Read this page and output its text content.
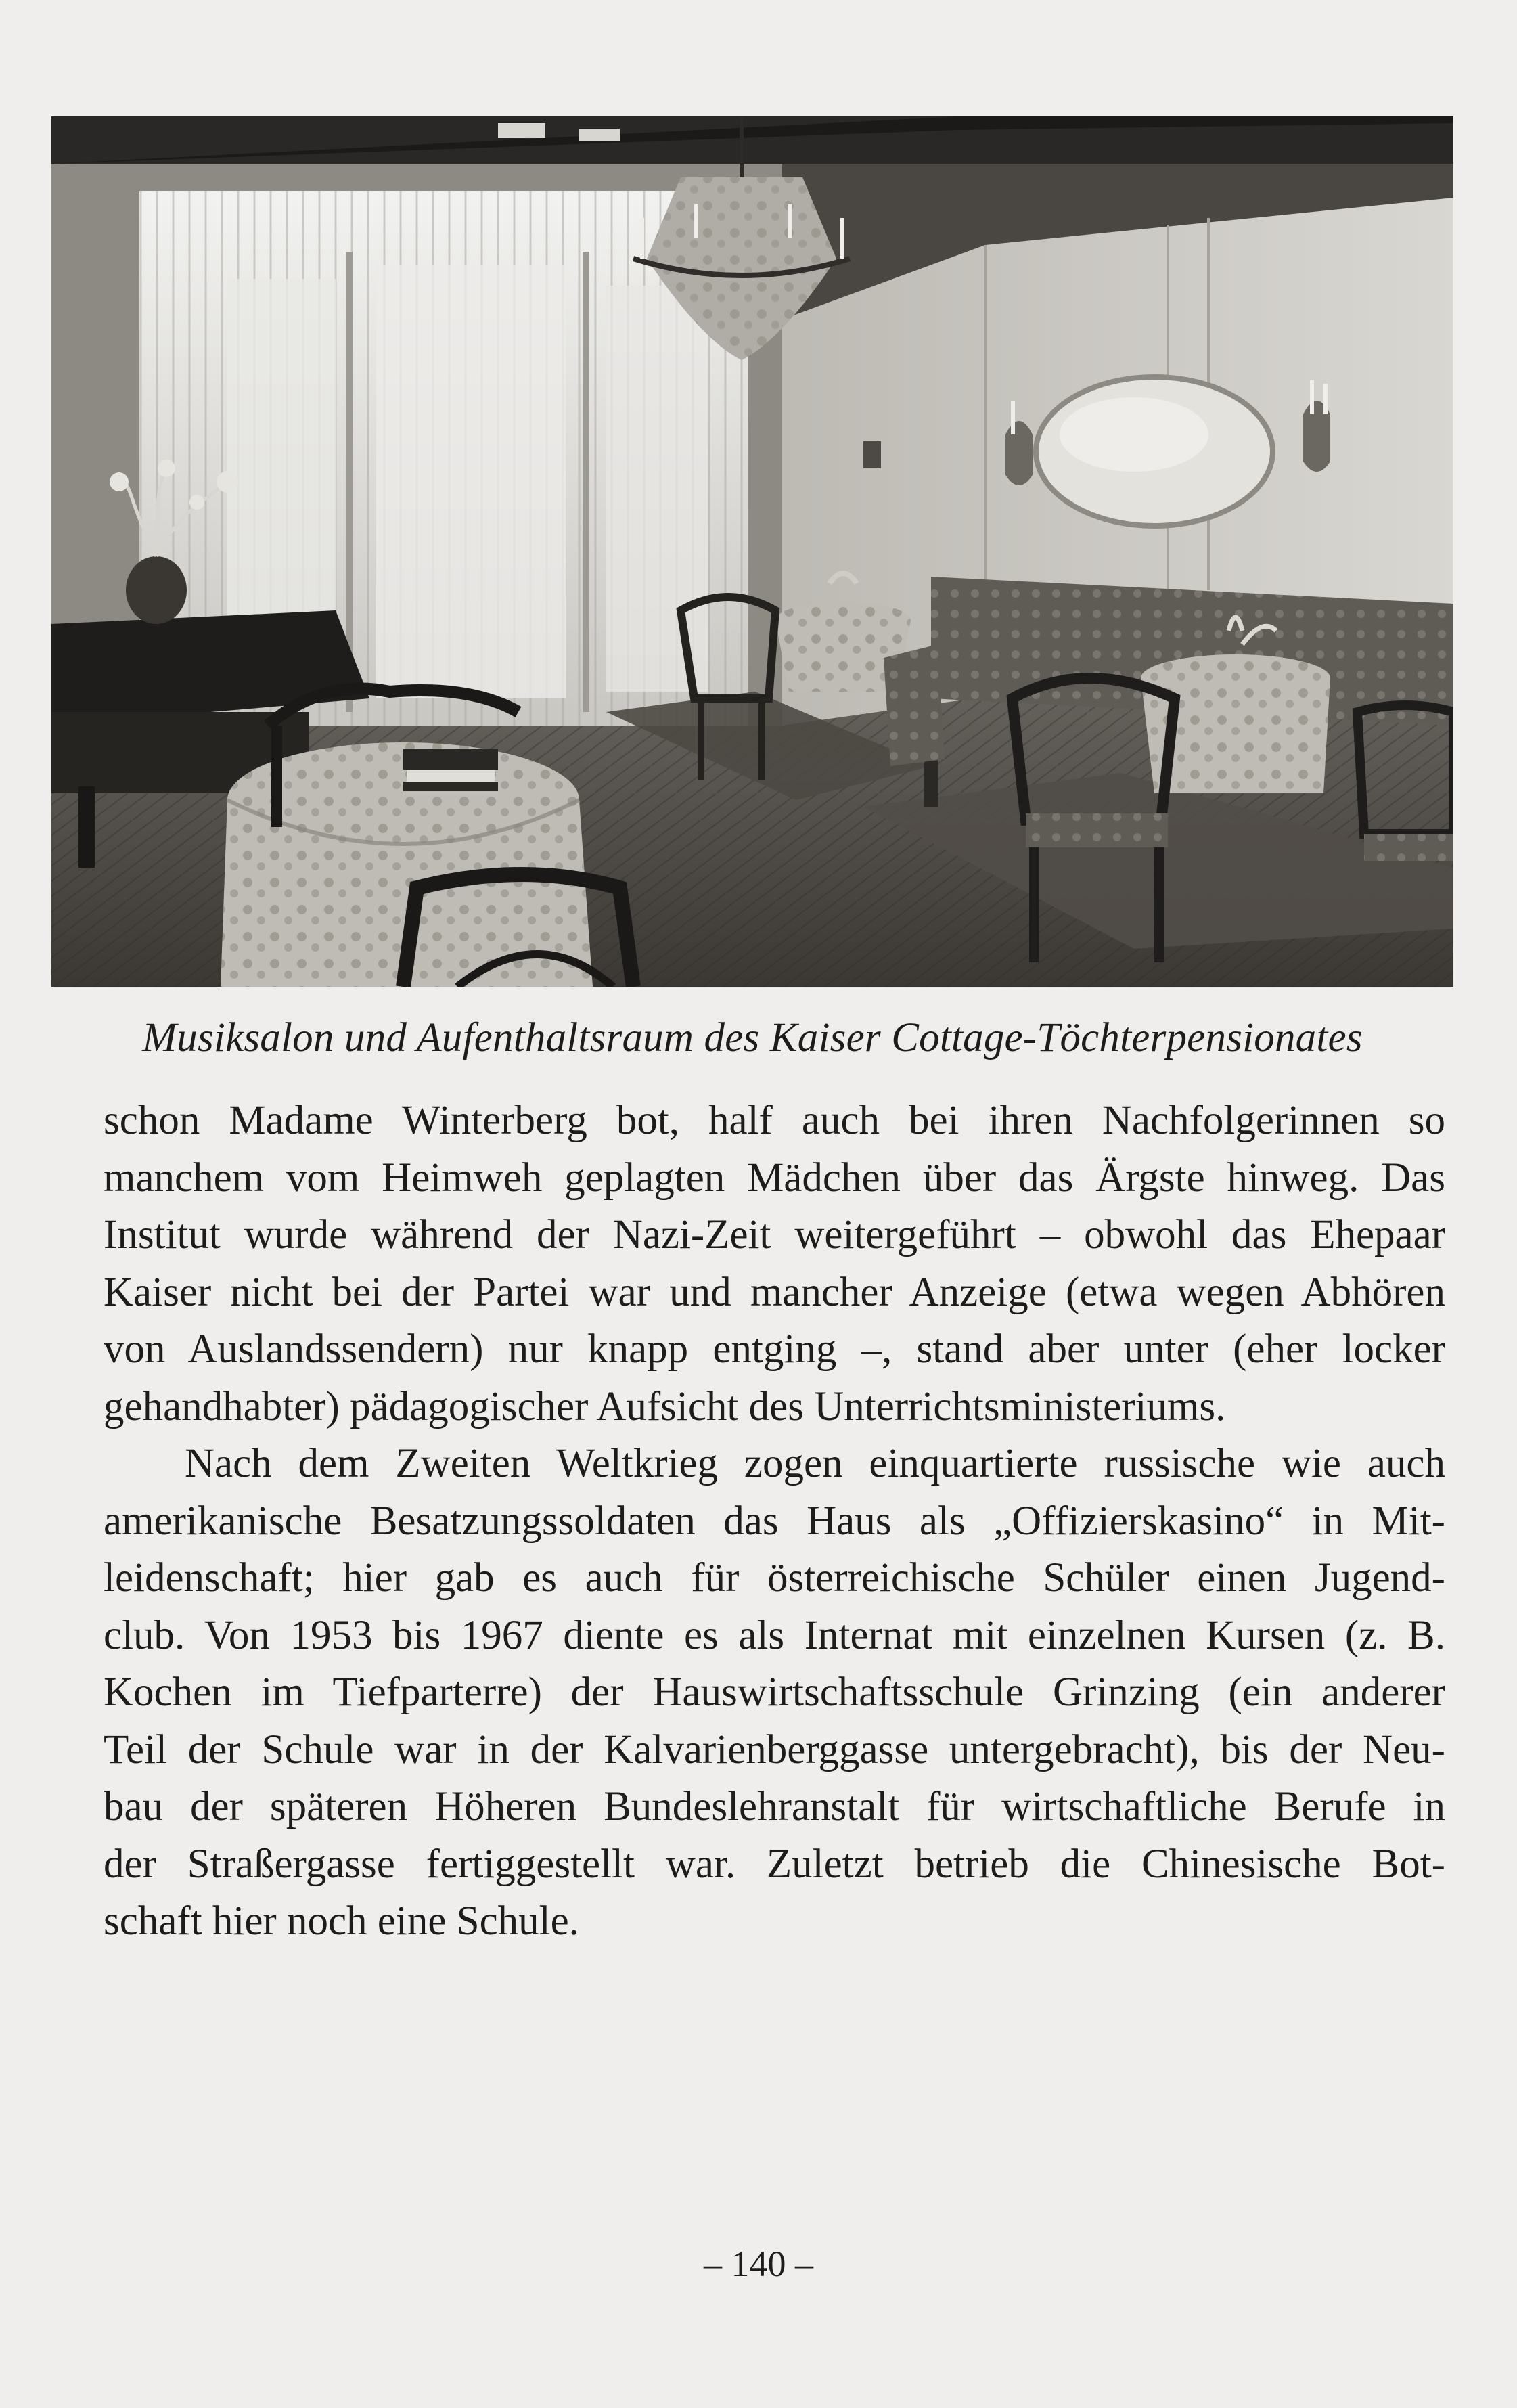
Musiksalon und Aufenthaltsraum des Kaiser Cottage-Töchterpensionates

schon Madame Winterberg bot, half auch bei ihren Nachfolgerinnen so
manchem vom Heimweh geplagten Mädchen über das Ärgste hinweg. Das
Institut wurde während der Nazi-Zeit weitergeführt – obwohl das Ehepaar
Kaiser nicht bei der Partei war und mancher Anzeige (etwa wegen Abhören
von Auslandssendern) nur knapp entging –, stand aber unter (eher locker
gehandhabter) pädagogischer Aufsicht des Unterrichtsministeriums.

Nach dem Zweiten Weltkrieg zogen einquartierte russische wie auch
amerikanische Besatzungssoldaten das Haus als „Offizierskasino“ in Mit-
leidenschaft; hier gab es auch für österreichische Schüler einen Jugend-
club. Von 1953 bis 1967 diente es als Internat mit einzelnen Kursen (z. B.
Kochen im Tiefparterre) der Hauswirtschaftsschule Grinzing (ein anderer
Teil der Schule war in der Kalvarienberggasse untergebracht), bis der Neu-
bau der späteren Höheren Bundeslehranstalt für wirtschaftliche Berufe in
der Straßergasse fertiggestellt war. Zuletzt betrieb die Chinesische Bot-
schaft hier noch eine Schule.

– 140 –
